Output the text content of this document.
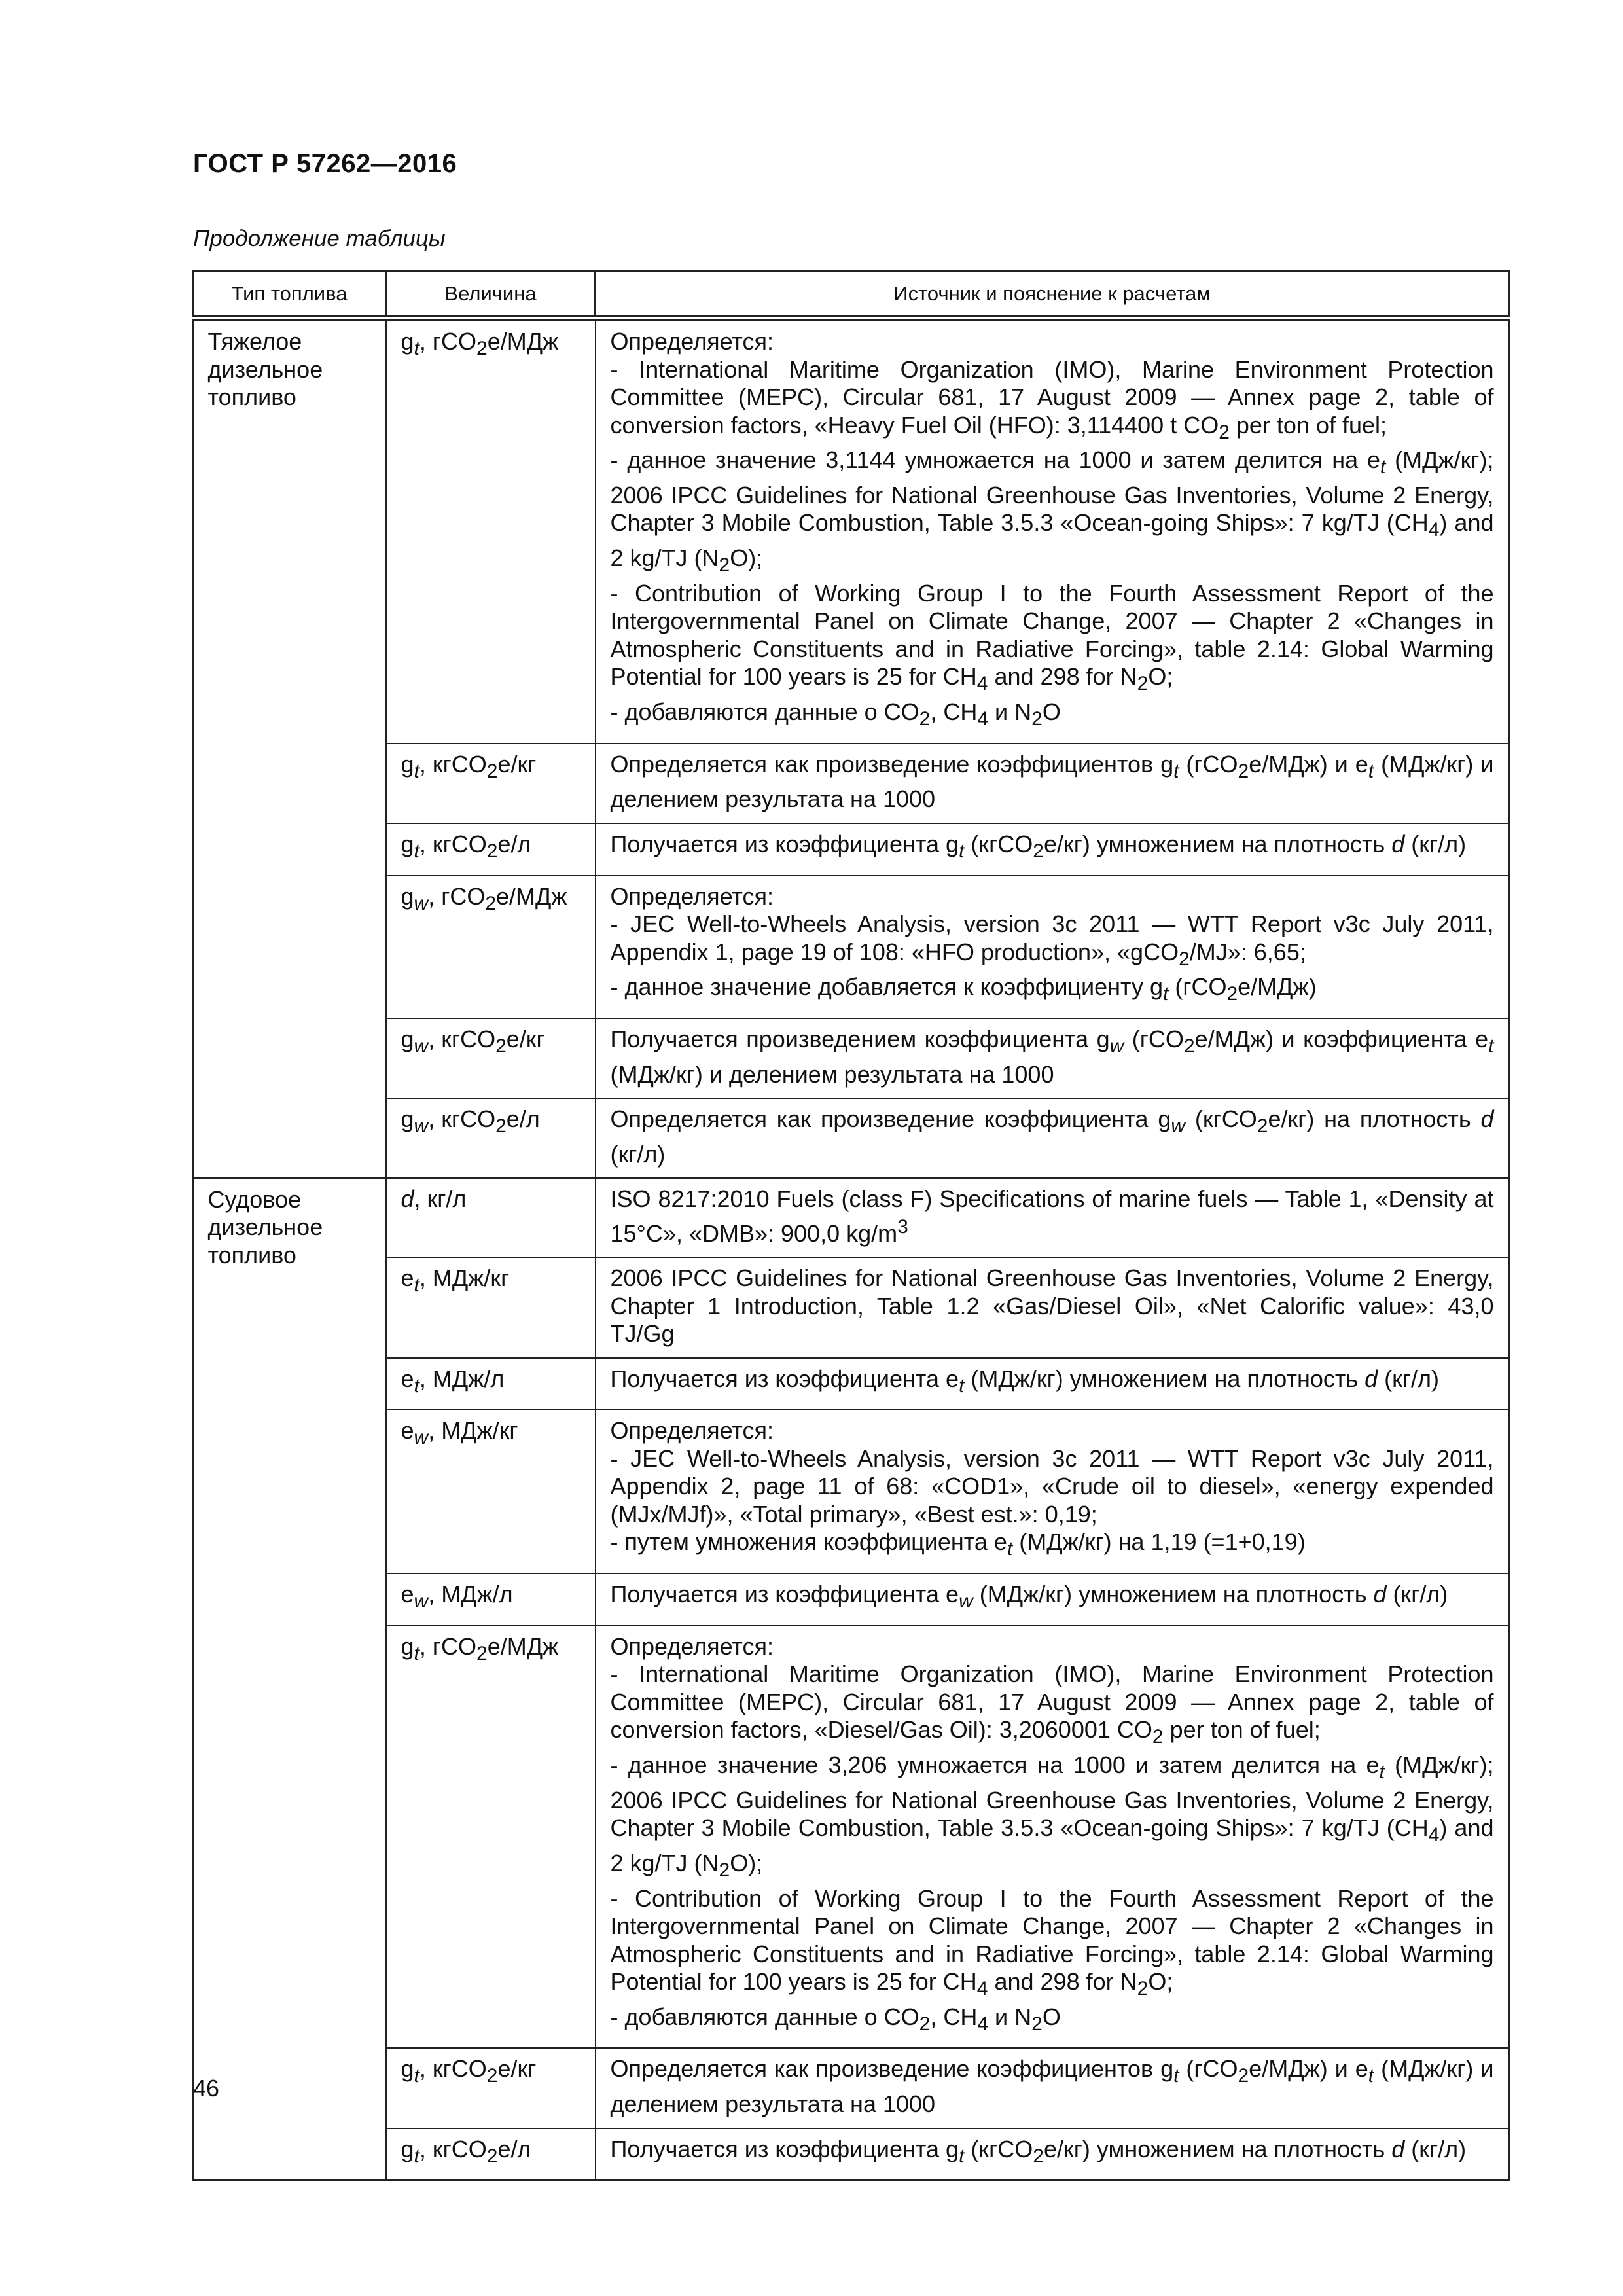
ГОСТ Р 57262—2016
Продолжение таблицы
Тип топлива	Величина	Источник и пояснение к расчетам
Тяжелое дизельное топливо	$g_t$, гCO$_2$е/МДж	Определяется:
- International Maritime Organization (IMO), Marine Environment Protection Committee (MEPC), Circular 681, 17 August 2009 — Annex page 2, table of conversion factors, «Heavy Fuel Oil (HFO): 3,114400 t $CO_2$ per ton of fuel;
- данное значение 3,1144 умножается на 1000 и затем делится на $e_t$ (МДж/кг); 2006 IPCC Guidelines for National Greenhouse Gas Inventories, Volume 2 Energy, Chapter 3 Mobile Combustion, Table 3.5.3 «Ocean-going Ships»: 7 kg/TJ $(CH_4)$ and 2 kg/TJ $(N_2O)$;
- Contribution of Working Group I to the Fourth Assessment Report of the Intergovernmental Panel on Climate Change, 2007 — Chapter 2 «Changes in Atmospheric Constituents and in Radiative Forcing», table 2.14: Global Warming Potential for 100 years is 25 for $CH_4$ and 298 for $N_2O$;
- добавляются данные о $CO_2$, $CH_4$ и $N_2O$

	$g_t$, кгCO$_2$е/кг	Определяется как произведение коэффициентов $g_t$ (гCO$_2$е/МДж) и $e_t$ (МДж/кг) и делением результата на 1000

	$g_t$, кгCO$_2$е/л	Получается из коэффициента $g_t$ (кгCO$_2$е/кг) умножением на плотность d (кг/л)

	$g_w$, гCO$_2$е/МДж	Определяется:
- JEC Well-to-Wheels Analysis, version 3c 2011 — WTT Report v3c July 2011, Appendix 1, page 19 of 108: «HFO production», «gCO$_2$/MJ»: 6,65;
- данное значение добавляется к коэффициенту $g_t$ (гCO$_2$е/МДж)

	$g_w$, кгCO$_2$е/кг	Получается произведением коэффициента $g_w$ (гCO$_2$е/МДж) и коэффициента $e_t$ (МДж/кг) и делением результата на 1000

	$g_w$, кгCO$_2$е/л	Определяется как произведение коэффициента $g_w$ (кгCO$_2$е/кг) на плотность d (кг/л)

Судовое дизельное топливо	d, кг/л	ISO 8217:2010 Fuels (class F) Specifications of marine fuels — Table 1, «Density at 15°C», «DMB»: 900,0 $kg/m^3$

	$e_t$, МДж/кг	2006 IPCC Guidelines for National Greenhouse Gas Inventories, Volume 2 Energy, Chapter 1 Introduction, Table 1.2 «Gas/Diesel Oil», «Net Calorific value»: 43,0 TJ/Gg

	$e_t$, МДж/л	Получается из коэффициента $e_t$ (МДж/кг) умножением на плотность d (кг/л)

	$e_w$, МДж/кг	Определяется:
- JEC Well-to-Wheels Analysis, version 3c 2011 — WTT Report v3c July 2011, Appendix 2, page 11 of 68: «COD1», «Crude oil to diesel», «energy expended (MJx/MJf)», «Total primary», «Best est.»: 0,19;
- путем умножения коэффициента $e_t$ (МДж/кг) на 1,19 (=1+0,19)

	$e_w$, МДж/л	Получается из коэффициента $e_w$ (МДж/кг) умножением на плотность d (кг/л)

	$g_t$, гCO$_2$е/МДж	Определяется:
- International Maritime Organization (IMO), Marine Environment Protection Committee (MEPC), Circular 681, 17 August 2009 — Annex page 2, table of conversion factors, «Diesel/Gas Oil): 3,2060001 $CO_2$ per ton of fuel;
- данное значение 3,206 умножается на 1000 и затем делится на $e_t$ (МДж/кг); 2006 IPCC Guidelines for National Greenhouse Gas Inventories, Volume 2 Energy, Chapter 3 Mobile Combustion, Table 3.5.3 «Ocean-going Ships»: 7 kg/TJ $(CH_4)$ and 2 kg/TJ $(N_2O)$;
- Contribution of Working Group I to the Fourth Assessment Report of the Intergovernmental Panel on Climate Change, 2007 — Chapter 2 «Changes in Atmospheric Constituents and in Radiative Forcing», table 2.14: Global Warming Potential for 100 years is 25 for $CH_4$ and 298 for $N_2O$;
- добавляются данные о $CO_2$, $CH_4$ и $N_2O$

	$g_t$, кгCO$_2$е/кг	Определяется как произведение коэффициентов $g_t$ (гCO$_2$е/МДж) и $e_t$ (МДж/кг) и делением результата на 1000

	$g_t$, кгCO$_2$е/л	Получается из коэффициента $g_t$ (кгCO$_2$е/кг) умножением на плотность d (кг/л)
46
